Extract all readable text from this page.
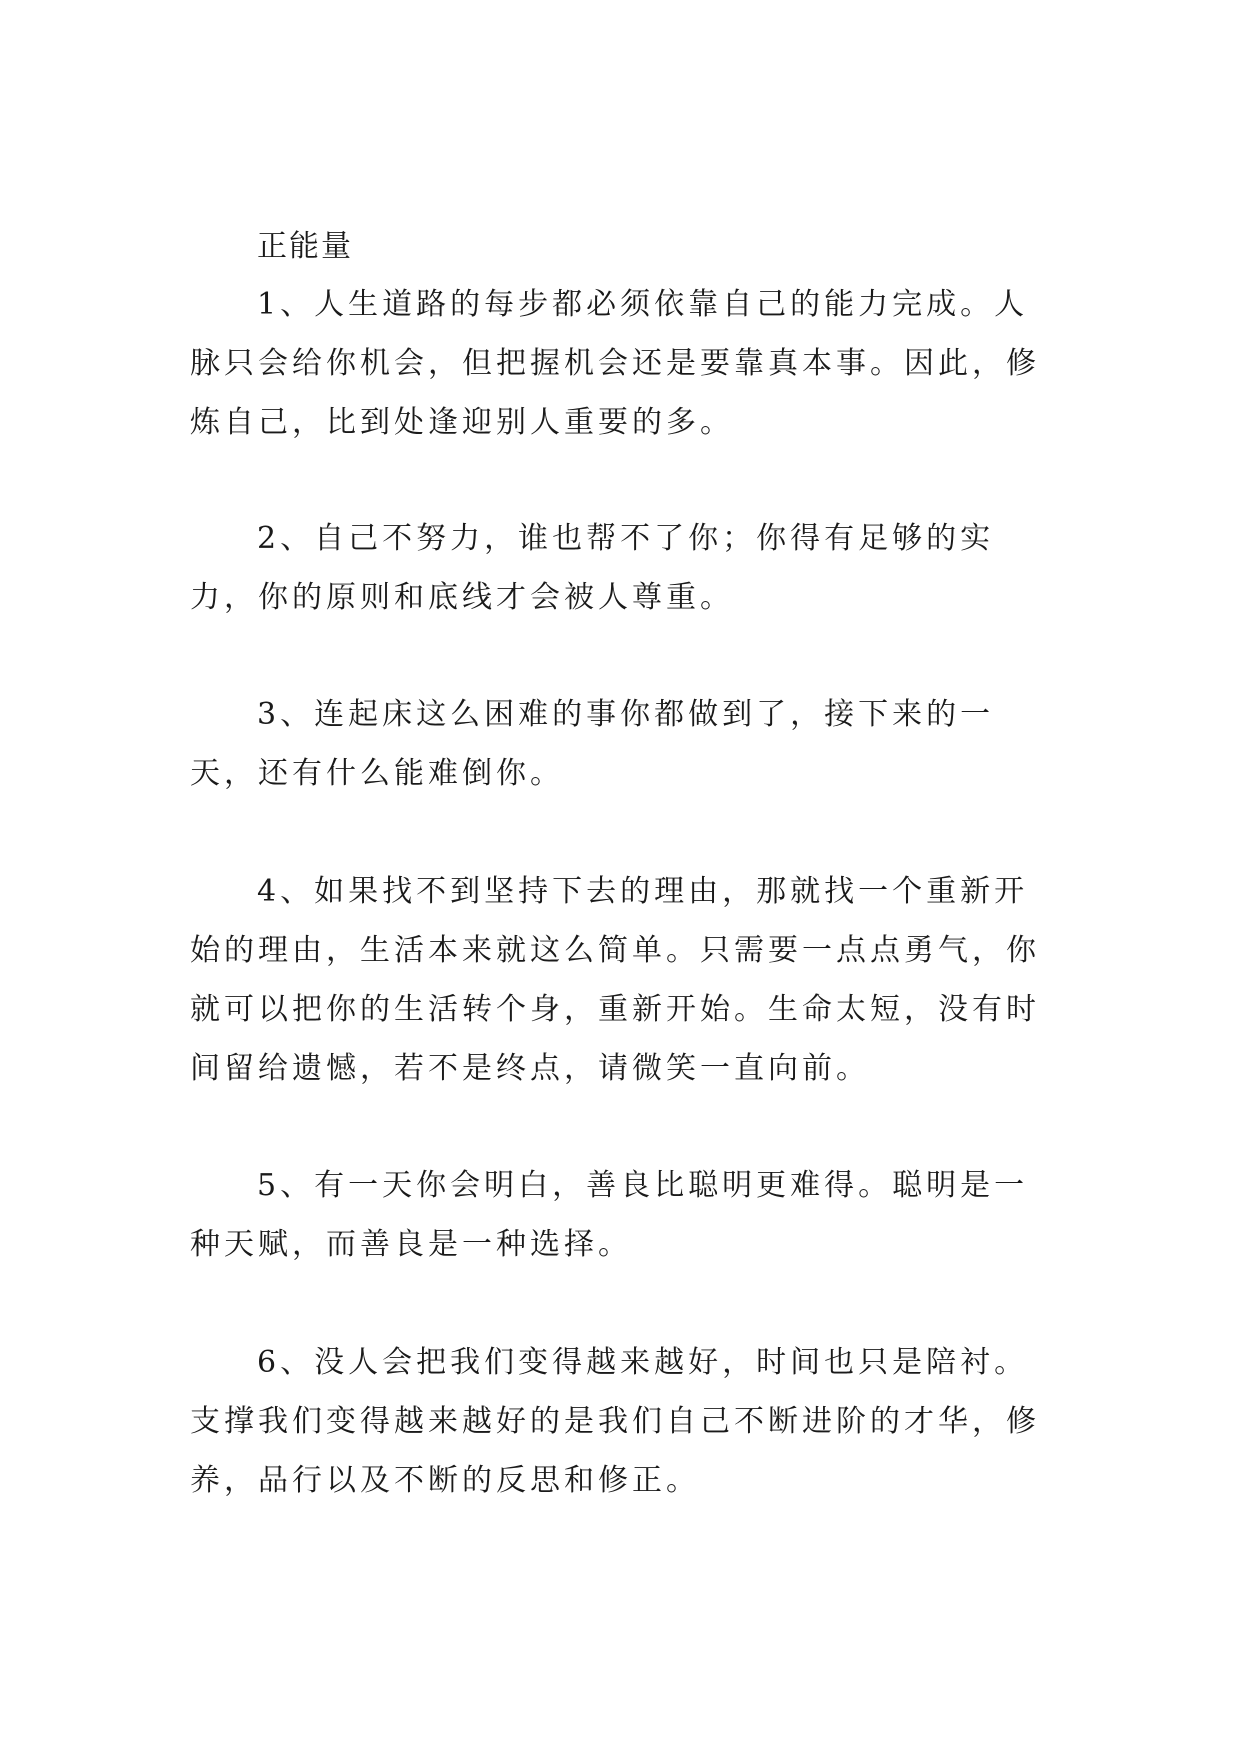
正能量

1、人生道路的每步都必须依靠自己的能力完成。人脉只会给你机会，但把握机会还是要靠真本事。因此，修炼自己，比到处逢迎别人重要的多。

2、自己不努力，谁也帮不了你；你得有足够的实力，你的原则和底线才会被人尊重。

3、连起床这么困难的事你都做到了，接下来的一天，还有什么能难倒你。

4、如果找不到坚持下去的理由，那就找一个重新开始的理由，生活本来就这么简单。只需要一点点勇气，你就可以把你的生活转个身，重新开始。生命太短，没有时间留给遗憾，若不是终点，请微笑一直向前。

5、有一天你会明白，善良比聪明更难得。聪明是一种天赋，而善良是一种选择。

6、没人会把我们变得越来越好，时间也只是陪衬。支撑我们变得越来越好的是我们自己不断进阶的才华，修养，品行以及不断的反思和修正。
